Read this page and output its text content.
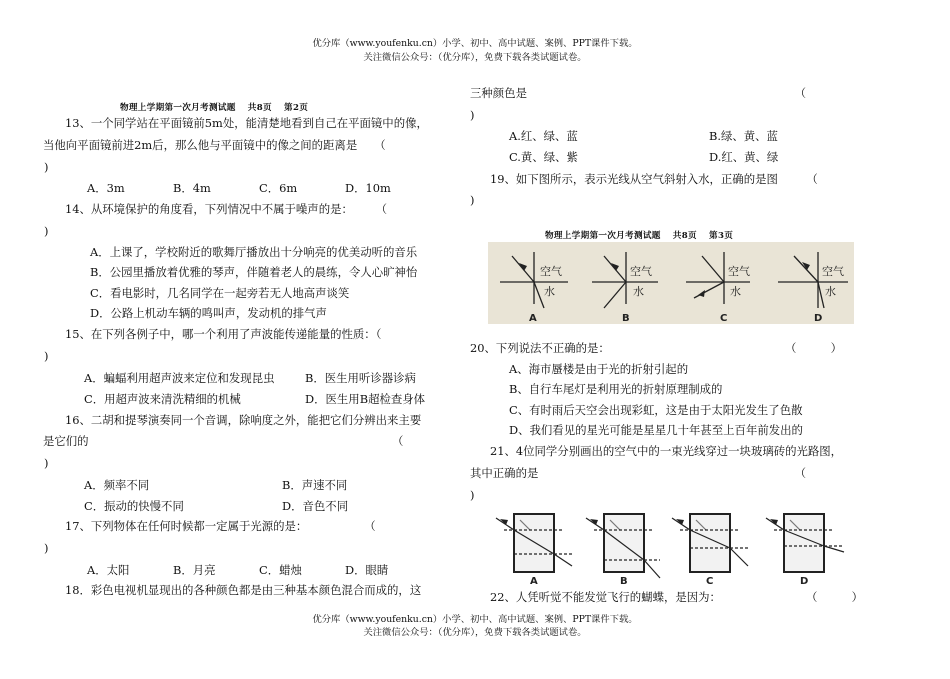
优分库（www.youfenku.cn）小学、初中、高中试题、案例、PPT课件下载。
关注微信公众号：（优分库），免费下载各类试题试卷。
优分库（www.youfenku.cn）小学、初中、高中试题、案例、PPT课件下载。
关注微信公众号：（优分库），免费下载各类试题试卷。
物理上学期第一次月考测试题　 共8页 　第2页
13、一个同学站在平面镜前5m处，能清楚地看到自己在平面镜中的像，
当他向平面镜前进2m后，那么他与平面镜中的像之间的距离是　　（
)
A．3m	B．4m	C．6m	D．10m
14、从环境保护的角度看，下列情况中不属于噪声的是：　　　（
)
A．上课了，学校附近的歌舞厅播放出十分响亮的优美动听的音乐
B．公园里播放着优雅的琴声，伴随着老人的晨练，令人心旷神怡
C．看电影时，几名同学在一起旁若无人地高声谈笑
D．公路上机动车辆的鸣叫声，发动机的排气声
15、在下列各例子中，哪一个利用了声波能传递能量的性质：（
)
A．蝙蝠利用超声波来定位和发现昆虫	B．医生用听诊器诊病
C．用超声波来清洗精细的机械	D．医生用B超检查身体
16、二胡和提琴演奏同一个音调，除响度之外，能把它们分辨出来主要
是它们的	（
)
A．频率不同	B．声速不同
C．振动的快慢不同	D．音色不同
17、下列物体在任何时候都一定属于光源的是：　　　　　　（
)
A．太阳	B．月亮	C．蜡烛	D．眼睛
18．彩色电视机显现出的各种颜色都是由三种基本颜色混合而成的，这
三种颜色是　　　　　　　　　　　　　　　　　　　　　　　　（
)
A.红、绿、蓝	B.绿、黄、蓝
C.黄、绿、紫	D.红、黄、绿
19、如下图所示，表示光线从空气斜射入水，正确的是图　　　（
)
物理上学期第一次月考测试题　 共8页 　第3页
空气
水
A
空气
水
B
空气
水
C
空气
水
D
20、下列说法不正确的是：	（　　　）
A、海市蜃楼是由于光的折射引起的
B、自行车尾灯是利用光的折射原理制成的
C、有时雨后天空会出现彩虹，这是由于太阳光发生了色散
D、我们看见的星光可能是星星几十年甚至上百年前发出的
21、4位同学分别画出的空气中的一束光线穿过一块玻璃砖的光路图，
其中正确的是　　　　　　　　　　　　　　　　　　　　　　　（
)
A	B	C	D
22、人凭听觉不能发觉飞行的蝴蝶，是因为：	（　　　）
